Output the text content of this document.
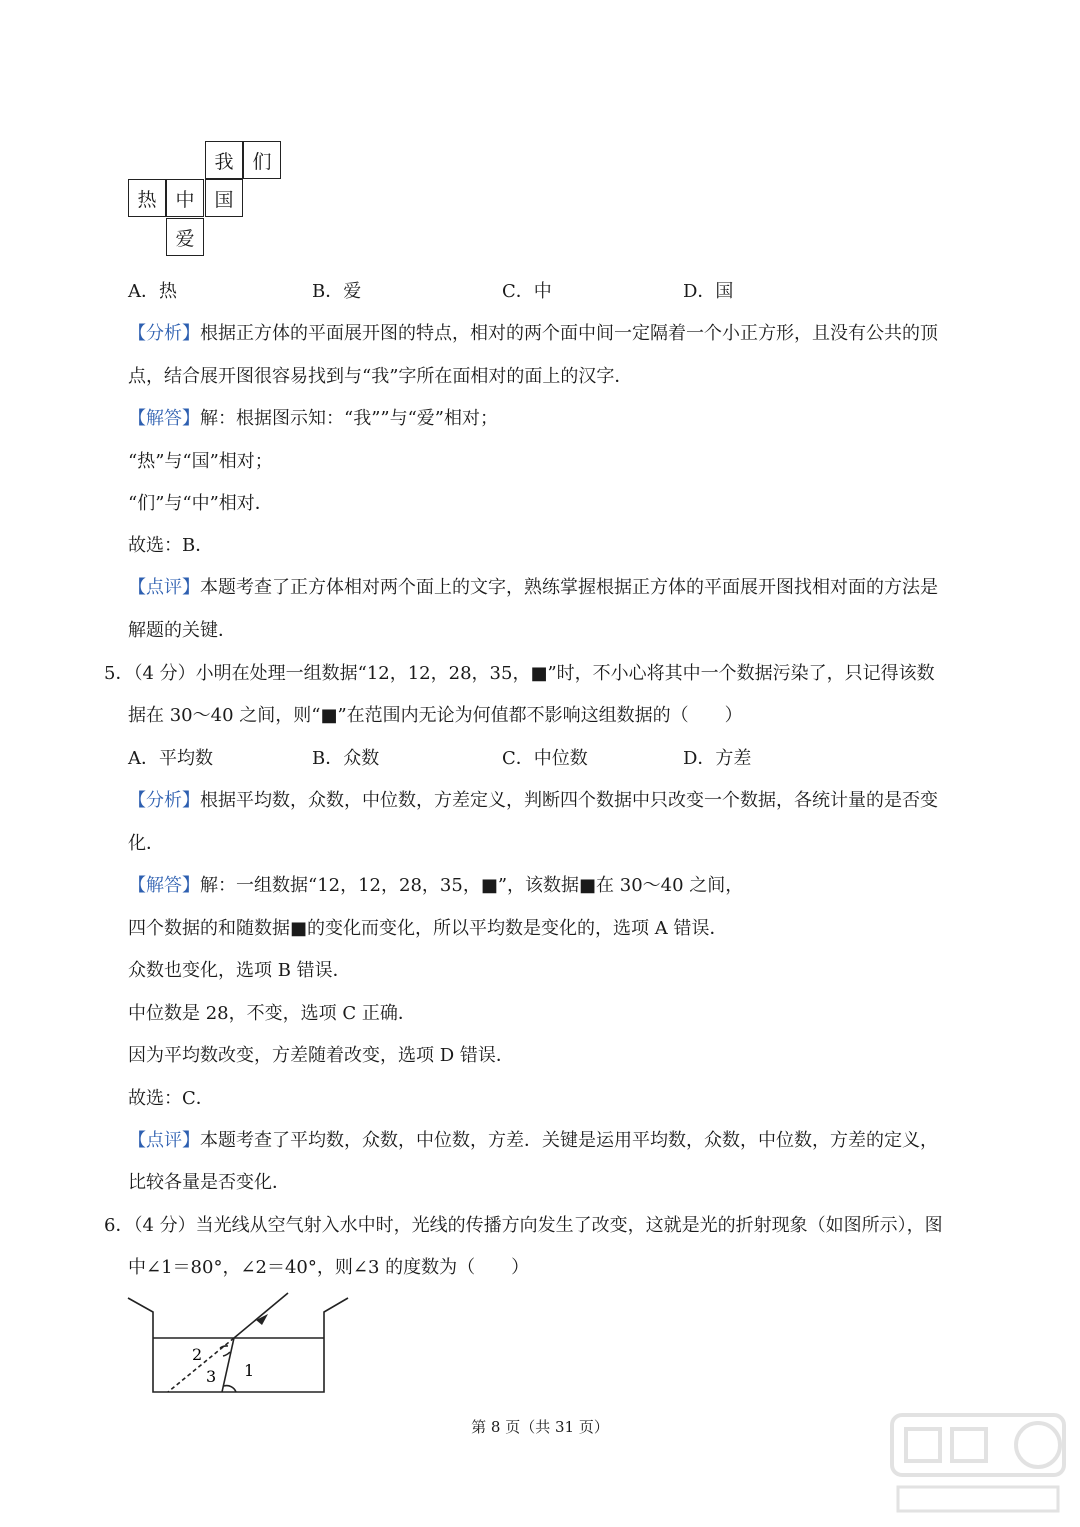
我 们
热 中	国
爱
A．热	B．爱	C．中	D．国
【分析】根据正方体的平面展开图的特点，相对的两个面中间一定隔着一个小正方形，且没有公共的顶
点，结合展开图很容易找到与“我”字所在面相对的面上的汉字．
【解答】解：根据图示知：“我””与“爱”相对；
“热”与“国”相对；
“们”与“中”相对．
故选：B．
【点评】本题考查了正方体相对两个面上的文字，熟练掌握根据正方体的平面展开图找相对面的方法是
解题的关键．
5．（4 分）小明在处理一组数据“12，12，28，35，■”时，不小心将其中一个数据污染了，只记得该数
据在 30～40 之间，则“■”在范围内无论为何值都不影响这组数据的（　　）
A．平均数	B．众数	C．中位数	D．方差
【分析】根据平均数，众数，中位数，方差定义，判断四个数据中只改变一个数据，各统计量的是否变
化．
【解答】解：一组数据“12，12，28，35，■”，该数据■在 30～40 之间，
四个数据的和随数据■的变化而变化，所以平均数是变化的，选项 A 错误．
众数也变化，选项 B 错误．
中位数是 28，不变，选项 C 正确．
因为平均数改变，方差随着改变，选项 D 错误．
故选：C．
【点评】本题考查了平均数，众数，中位数，方差．关键是运用平均数，众数，中位数，方差的定义，
比较各量是否变化．
6．（4 分）当光线从空气射入水中时，光线的传播方向发生了改变，这就是光的折射现象（如图所示），图
中∠1＝80°，∠2＝40°，则∠3 的度数为（　　）
2
3 1
第 8 页（共 31 页）
